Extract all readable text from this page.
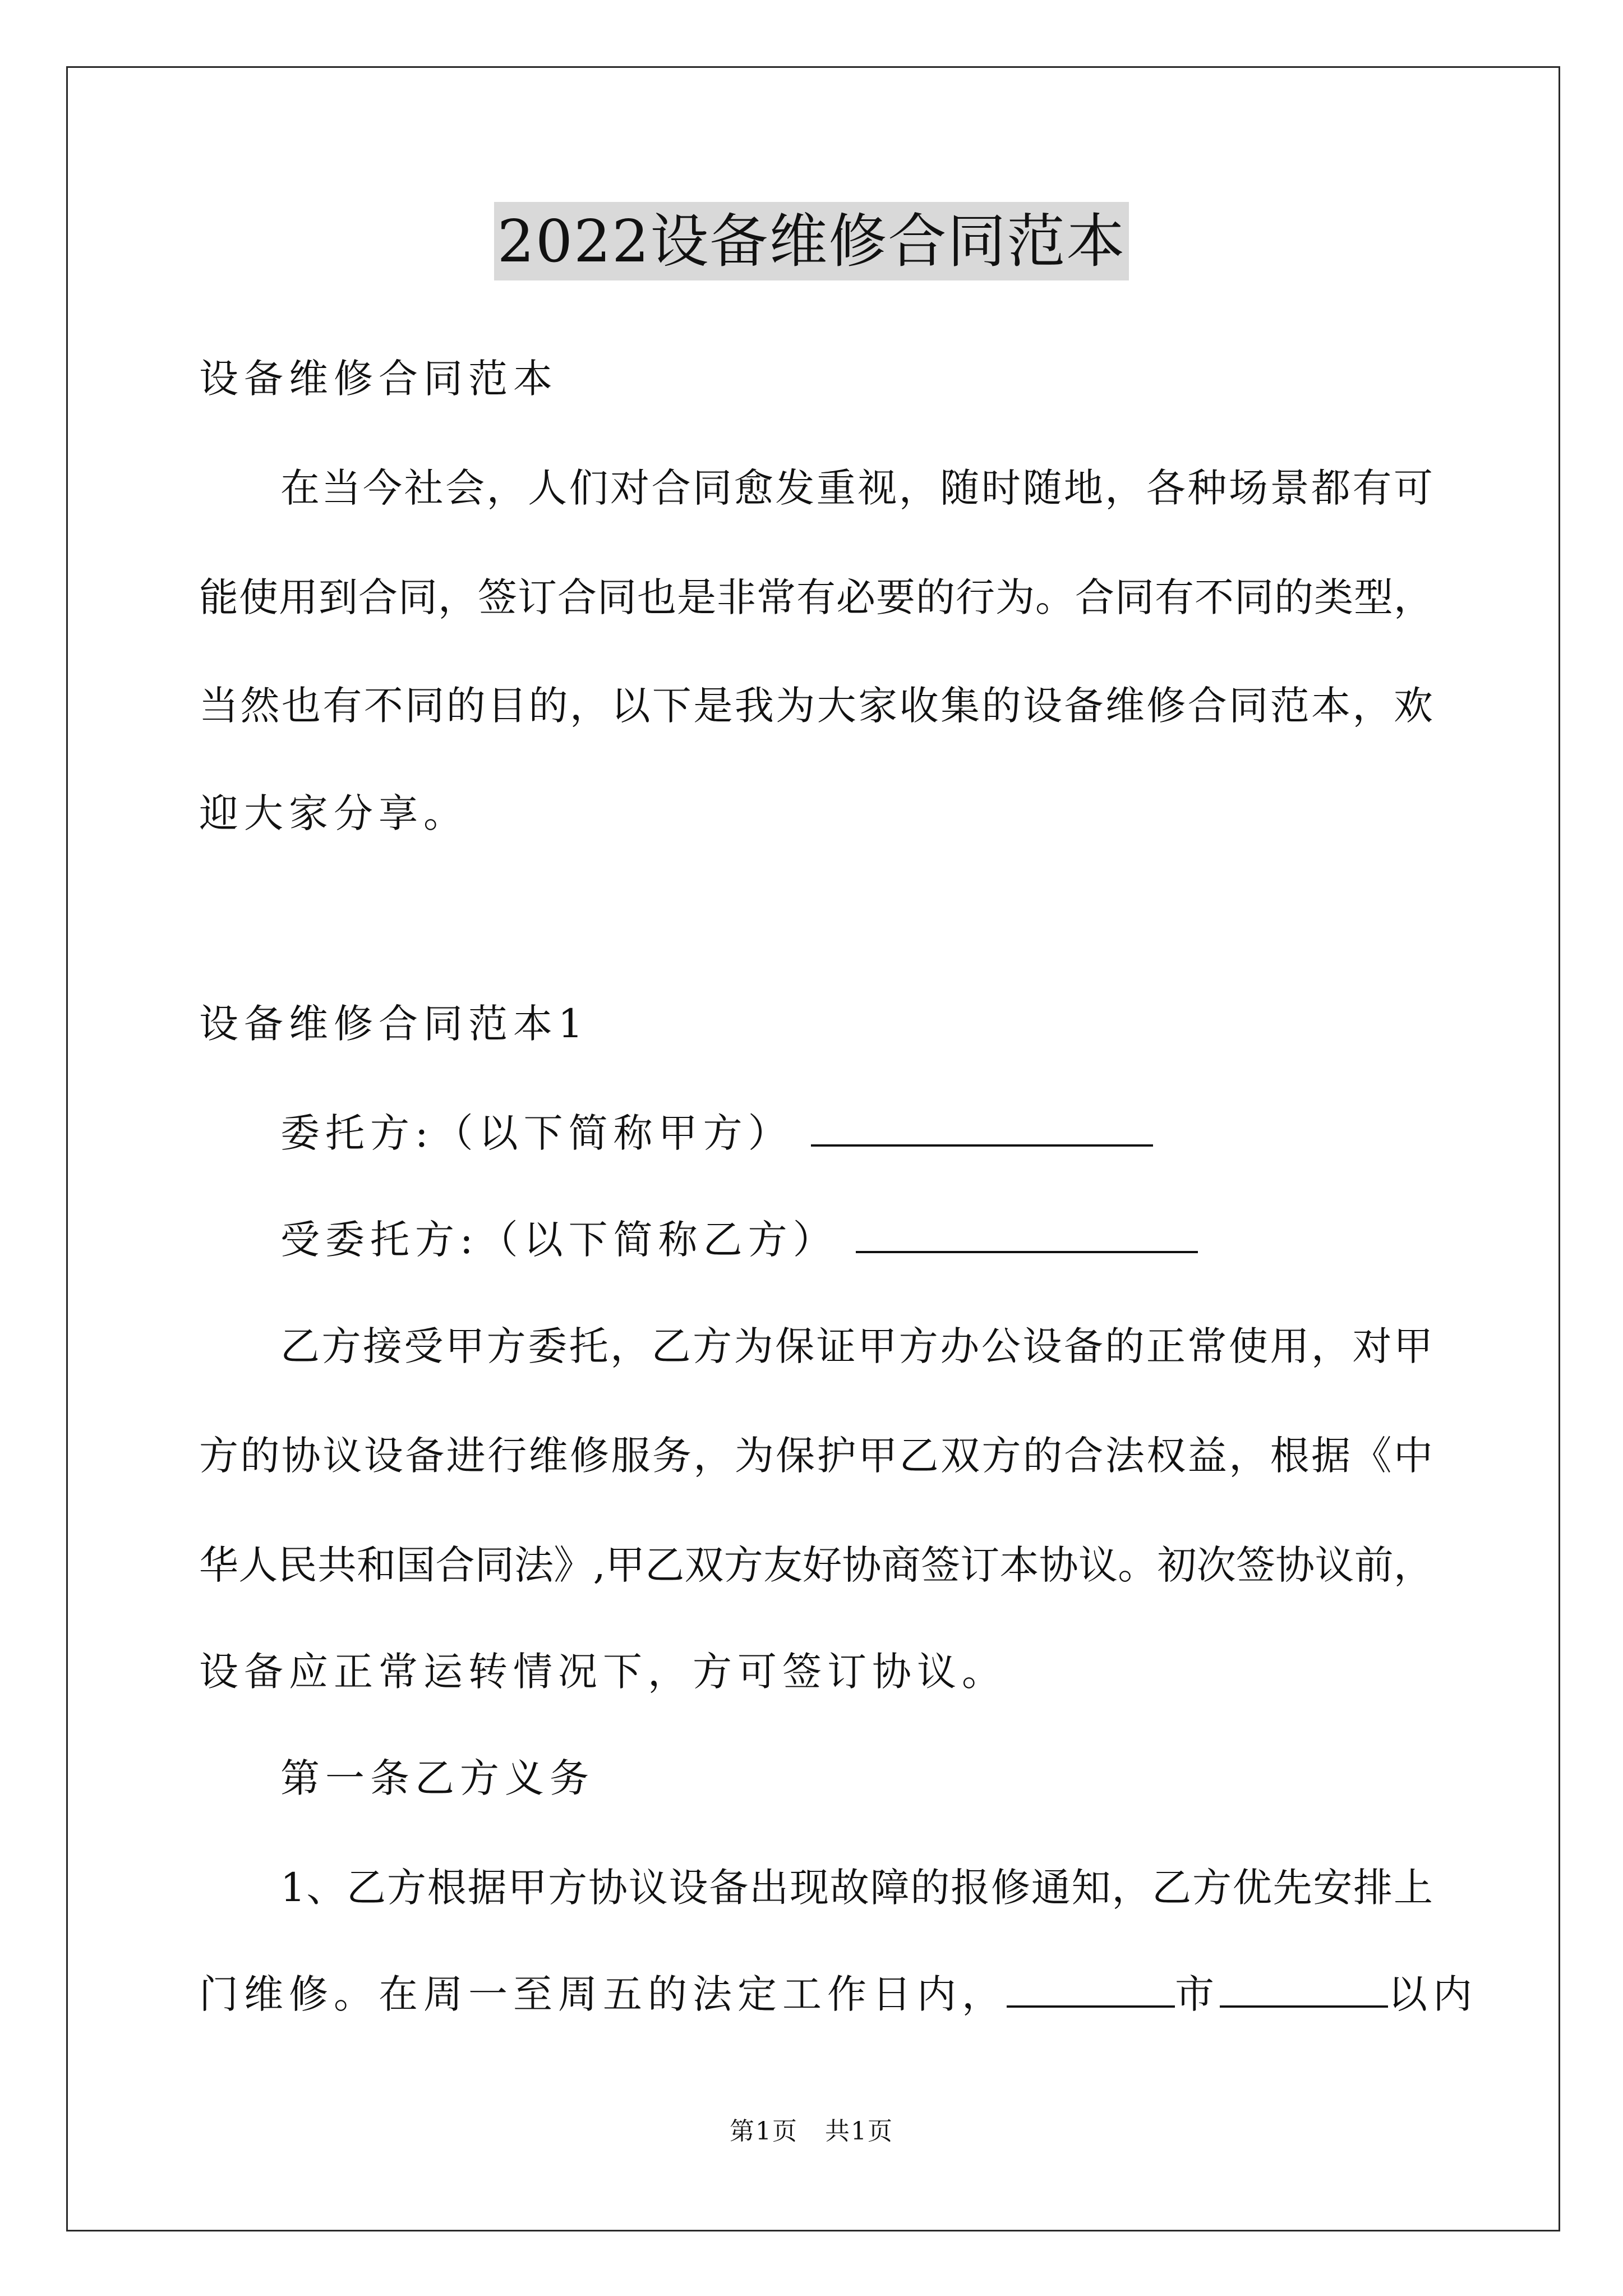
2022设备维修合同范本
设备维修合同范本
在当今社会，人们对合同愈发重视，随时随地，各种场景都有可
能使用到合同，签订合同也是非常有必要的行为。合同有不同的类型，
当然也有不同的目的，以下是我为大家收集的设备维修合同范本，欢
迎大家分享。
设备维修合同范本1
委托方:（以下简称甲方）
受委托方:（以下简称乙方）
乙方接受甲方委托，乙方为保证甲方办公设备的正常使用，对甲
方的协议设备进行维修服务，为保护甲乙双方的合法权益，根据《中
华人民共和国合同法》,甲乙双方友好协商签订本协议。初次签协议前，
设备应正常运转情况下，方可签订协议。
第一条乙方义务
1、乙方根据甲方协议设备出现故障的报修通知，乙方优先安排上
门维修。在周一至周五的法定工作日内，	市	以内
第1页   共1页
